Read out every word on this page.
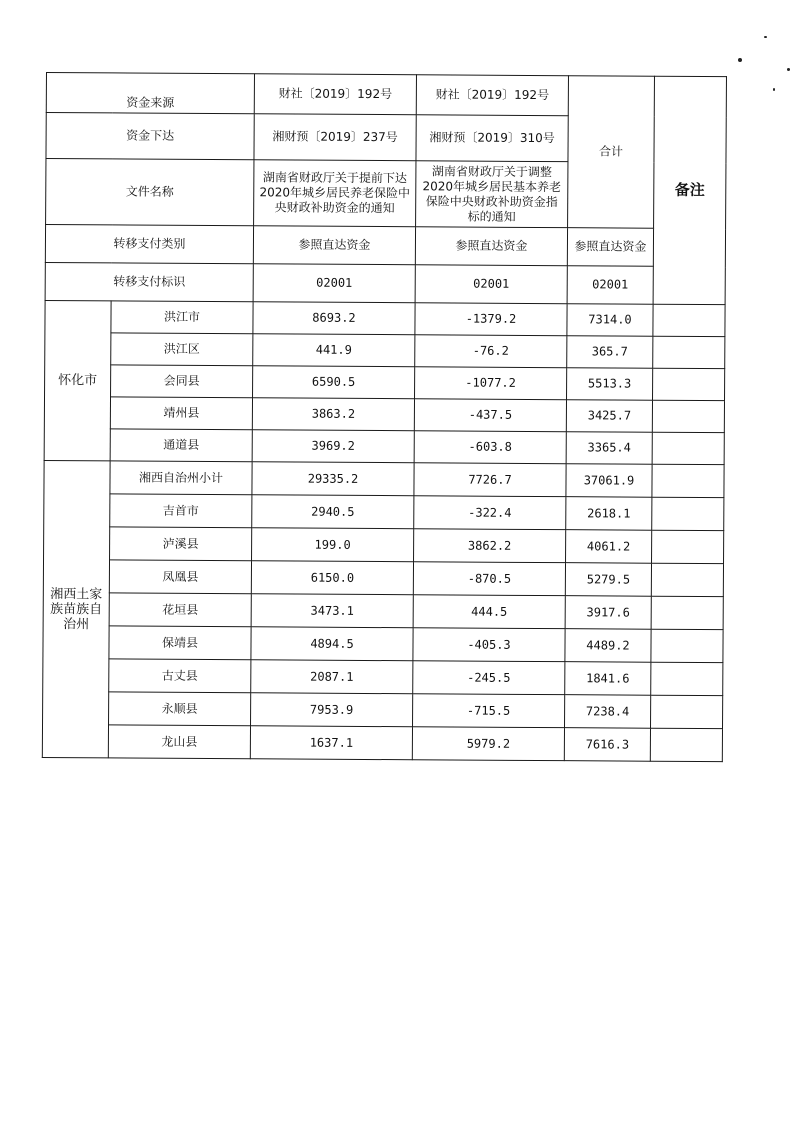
资金来源		财社〔2019〕192号	财社〔2019〕192号	合计	备注
资金下达		湘财预〔2019〕237号	湘财预〔2019〕310号		
文件名称		湖南省财政厅关于提前下达2020年城乡居民养老保险中央财政补助资金的通知	湖南省财政厅关于调整2020年城乡居民基本养老保险中央财政补助资金指标的通知		
转移支付类别		参照直达资金	参照直达资金	参照直达资金	
转移支付标识		02001	02001	02001	
怀化市	洪江市	8693.2	-1379.2	7314.0	
	洪江区	441.9	-76.2	365.7	
	会同县	6590.5	-1077.2	5513.3	
	靖州县	3863.2	-437.5	3425.7	
	通道县	3969.2	-603.8	3365.4	
湘西土家族苗族自治州	湘西自治州小计	29335.2	7726.7	37061.9	
	吉首市	2940.5	-322.4	2618.1	
	泸溪县	199.0	3862.2	4061.2	
	凤凰县	6150.0	-870.5	5279.5	
	花垣县	3473.1	444.5	3917.6	
	保靖县	4894.5	-405.3	4489.2	
	古丈县	2087.1	-245.5	1841.6	
	永顺县	7953.9	-715.5	7238.4	
	龙山县	1637.1	5979.2	7616.3	
